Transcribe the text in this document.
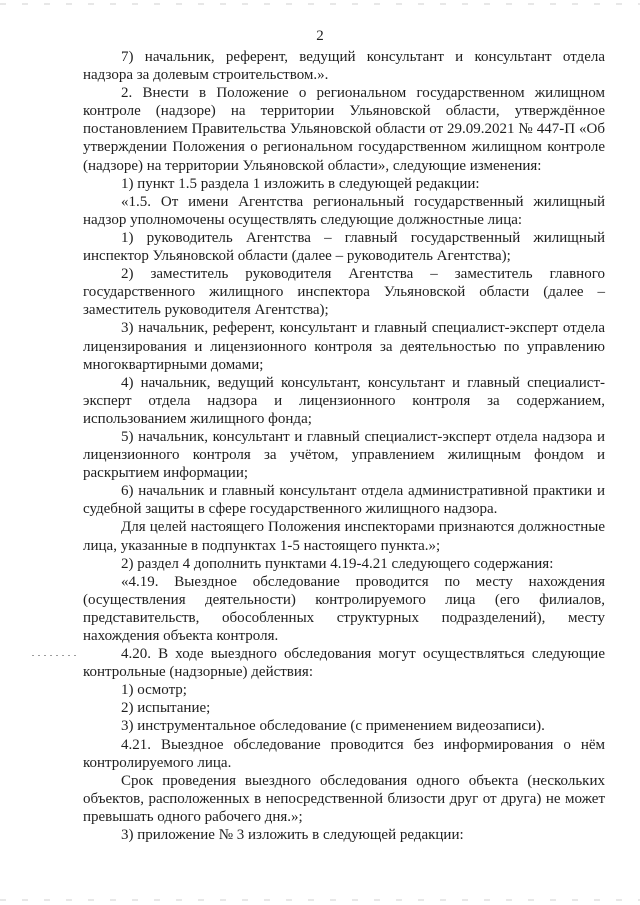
2

7) начальник, референт, ведущий консультант и консультант отдела надзора за долевым строительством.».

2. Внести в Положение о региональном государственном жилищном контроле (надзоре) на территории Ульяновской области, утверждённое постановлением Правительства Ульяновской области от 29.09.2021 № 447-П «Об утверждении Положения о региональном государственном жилищном контроле (надзоре) на территории Ульяновской области», следующие изменения:

1) пункт 1.5 раздела 1 изложить в следующей редакции:

«1.5. От имени Агентства региональный государственный жилищный надзор уполномочены осуществлять следующие должностные лица:

1) руководитель Агентства – главный государственный жилищный инспектор Ульяновской области (далее – руководитель Агентства);

2) заместитель руководителя Агентства – заместитель главного государственного жилищного инспектора Ульяновской области (далее – заместитель руководителя Агентства);

3) начальник, референт, консультант и главный специалист-эксперт отдела лицензирования и лицензионного контроля за деятельностью по управлению многоквартирными домами;

4) начальник, ведущий консультант, консультант и главный специалист-эксперт отдела надзора и лицензионного контроля за содержанием, использованием жилищного фонда;

5) начальник, консультант и главный специалист-эксперт отдела надзора и лицензионного контроля за учётом, управлением жилищным фондом и раскрытием информации;

6) начальник и главный консультант отдела административной практики и судебной защиты в сфере государственного жилищного надзора.

Для целей настоящего Положения инспекторами признаются должностные лица, указанные в подпунктах 1-5 настоящего пункта.»;

2) раздел 4 дополнить пунктами 4.19-4.21 следующего содержания:

«4.19. Выездное обследование проводится по месту нахождения (осуществления деятельности) контролируемого лица (его филиалов, представительств, обособленных структурных подразделений), месту нахождения объекта контроля.

4.20. В ходе выездного обследования могут осуществляться следующие контрольные (надзорные) действия:

1) осмотр;

2) испытание;

3) инструментальное обследование (с применением видеозаписи).

4.21. Выездное обследование проводится без информирования о нём контролируемого лица.

Срок проведения выездного обследования одного объекта (нескольких объектов, расположенных в непосредственной близости друг от друга) не может превышать одного рабочего дня.»;

3) приложение № 3 изложить в следующей редакции:
